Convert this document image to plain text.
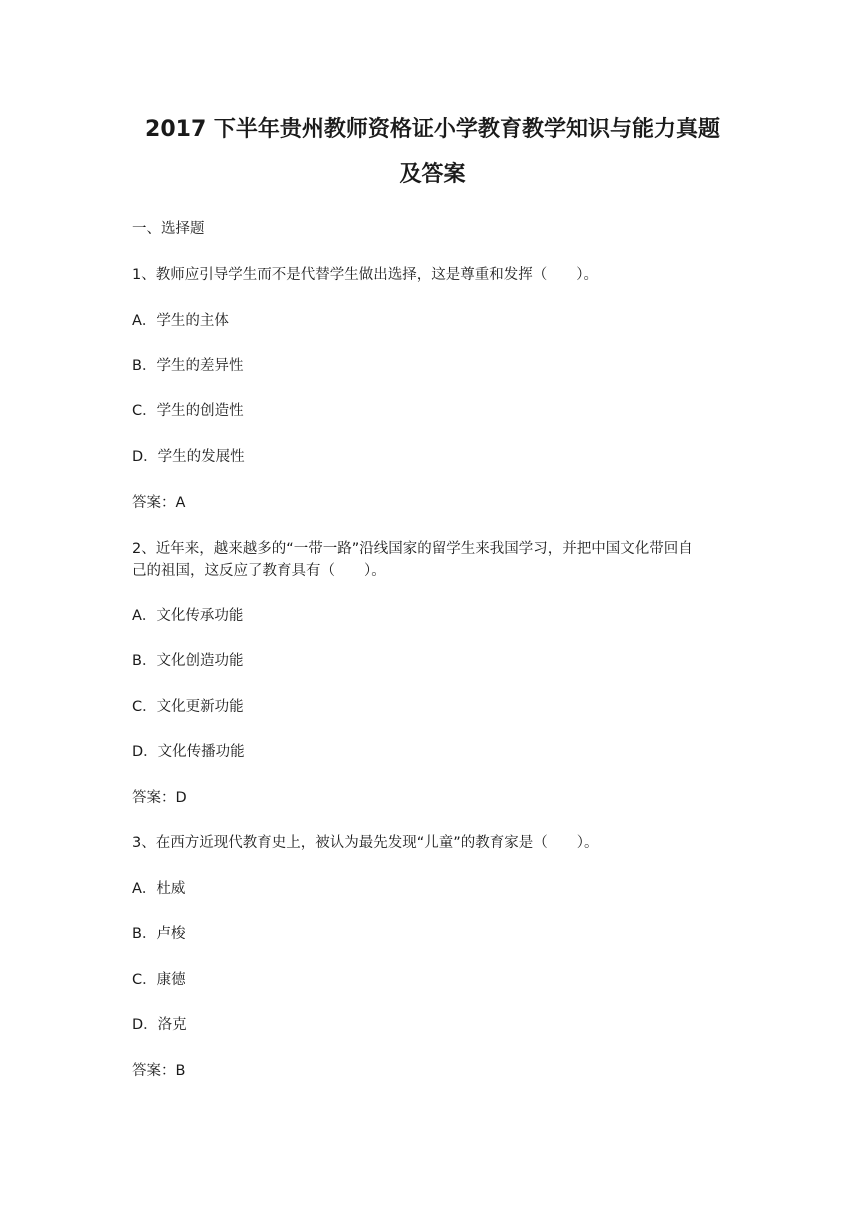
2017 下半年贵州教师资格证小学教育教学知识与能力真题
及答案

一、选择题

1、教师应引导学生而不是代替学生做出选择，这是尊重和发挥（　　）。

A．学生的主体

B．学生的差异性

C．学生的创造性

D．学生的发展性

答案：A

2、近年来，越来越多的“一带一路”沿线国家的留学生来我国学习，并把中国文化带回自

己的祖国，这反应了教育具有（　　）。

A．文化传承功能

B．文化创造功能

C．文化更新功能

D．文化传播功能

答案：D

3、在西方近现代教育史上，被认为最先发现“儿童”的教育家是（　　）。

A．杜威

B．卢梭

C．康德

D．洛克

答案：B
